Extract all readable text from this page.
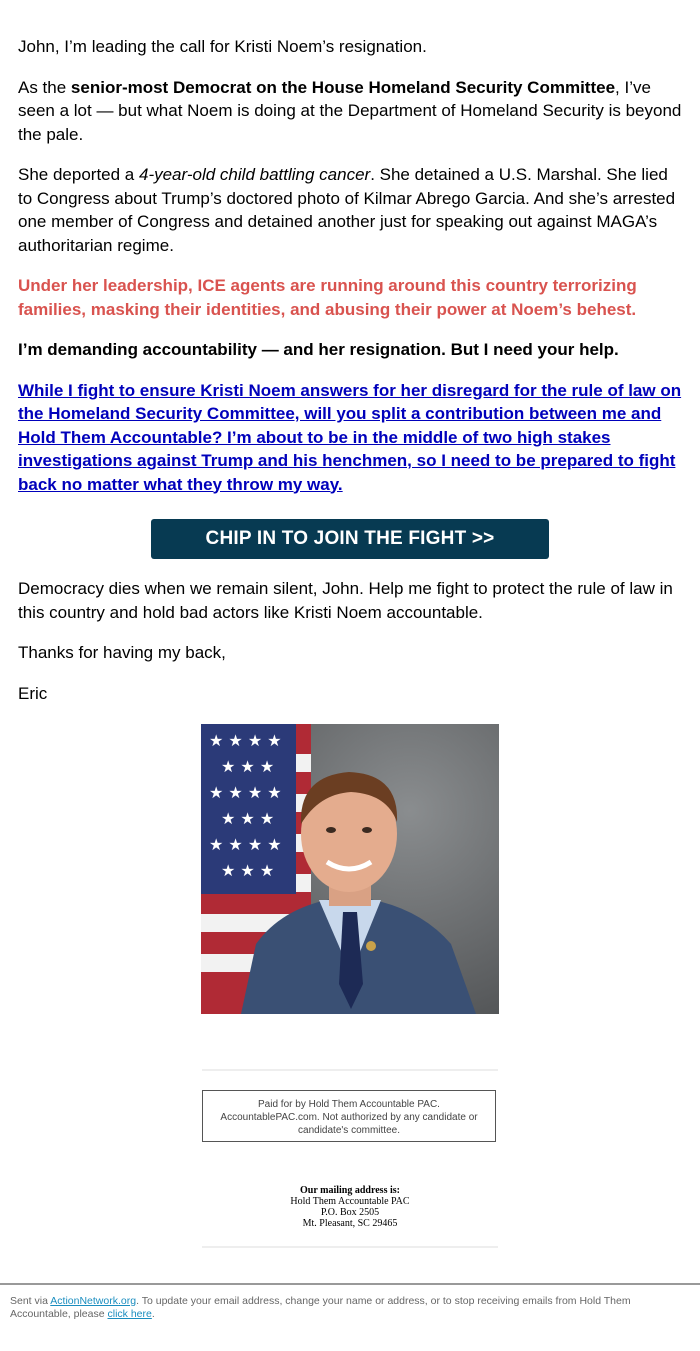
John, I’m leading the call for Kristi Noem’s resignation.

As the senior-most Democrat on the House Homeland Security Committee, I’ve seen a lot — but what Noem is doing at the Department of Homeland Security is beyond the pale.

She deported a 4-year-old child battling cancer. She detained a U.S. Marshal. She lied to Congress about Trump’s doctored photo of Kilmar Abrego Garcia. And she’s arrested one member of Congress and detained another just for speaking out against MAGA’s authoritarian regime.

Under her leadership, ICE agents are running around this country terrorizing families, masking their identities, and abusing their power at Noem’s behest.

I’m demanding accountability — and her resignation. But I need your help.

While I fight to ensure Kristi Noem answers for her disregard for the rule of law on the Homeland Security Committee, will you split a contribution between me and Hold Them Accountable? I’m about to be in the middle of two high stakes investigations against Trump and his henchmen, so I need to be prepared to fight back no matter what they throw my way.

CHIP IN TO JOIN THE FIGHT >>

Democracy dies when we remain silent, John. Help me fight to protect the rule of law in this country and hold bad actors like Kristi Noem accountable.

Thanks for having my back,

Eric

★ ★ ★ ★
★ ★ ★
★ ★ ★ ★
★ ★ ★
★ ★ ★ ★
★ ★ ★
Paid for by Hold Them Accountable PAC. AccountablePAC.com. Not authorized by any candidate or candidate's committee.
Our mailing address is:
Hold Them Accountable PAC
P.O. Box 2505
Mt. Pleasant, SC 29465
Sent via ActionNetwork.org. To update your email address, change your name or address, or to stop receiving emails from Hold Them Accountable, please click here.
